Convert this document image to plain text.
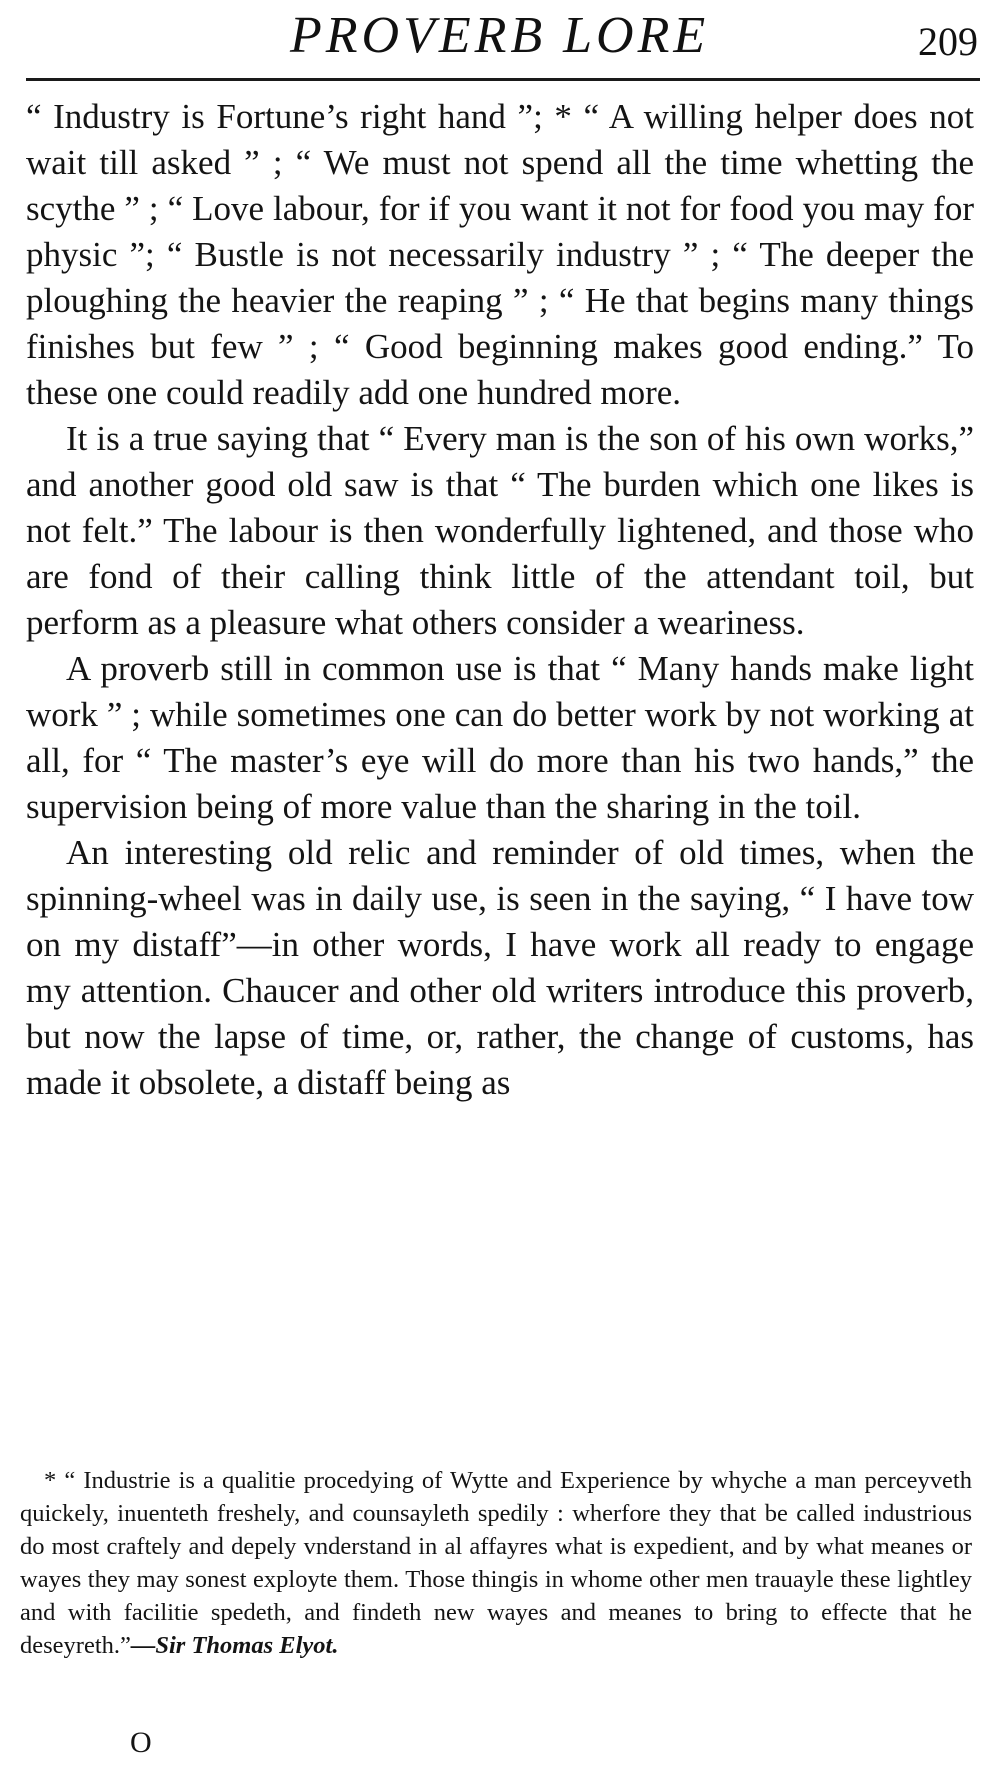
PROVERB LORE	209

“ Industry is Fortune’s right hand ”; * “ A willing helper does not wait till asked ” ; “ We must not spend all the time whetting the scythe ” ; “ Love labour, for if you want it not for food you may for physic ”; “ Bustle is not necessarily industry ” ; “ The deeper the ploughing the heavier the reaping ” ; “ He that begins many things finishes but few ” ; “ Good beginning makes good ending.” To these one could readily add one hundred more.

It is a true saying that “ Every man is the son of his own works,” and another good old saw is that “ The burden which one likes is not felt.” The labour is then wonderfully lightened, and those who are fond of their calling think little of the attendant toil, but perform as a pleasure what others consider a weariness.

A proverb still in common use is that “ Many hands make light work ” ; while sometimes one can do better work by not working at all, for “ The master’s eye will do more than his two hands,” the supervision being of more value than the sharing in the toil.

An interesting old relic and reminder of old times, when the spinning-wheel was in daily use, is seen in the saying, “ I have tow on my distaff”—in other words, I have work all ready to engage my attention. Chaucer and other old writers introduce this proverb, but now the lapse of time, or, rather, the change of customs, has made it obsolete, a distaff being as

* “ Industrie is a qualitie procedying of Wytte and Experience by whyche a man perceyveth quickely, inuenteth freshely, and counsayleth spedily : wherfore they that be called industrious do most craftely and depely vnderstand in al affayres what is expedient, and by what meanes or wayes they may sonest exployte them. Those thingis in whome other men trauayle these lightley and with facilitie spedeth, and findeth new wayes and meanes to bring to effecte that he deseyreth.”—Sir Thomas Elyot.

O
